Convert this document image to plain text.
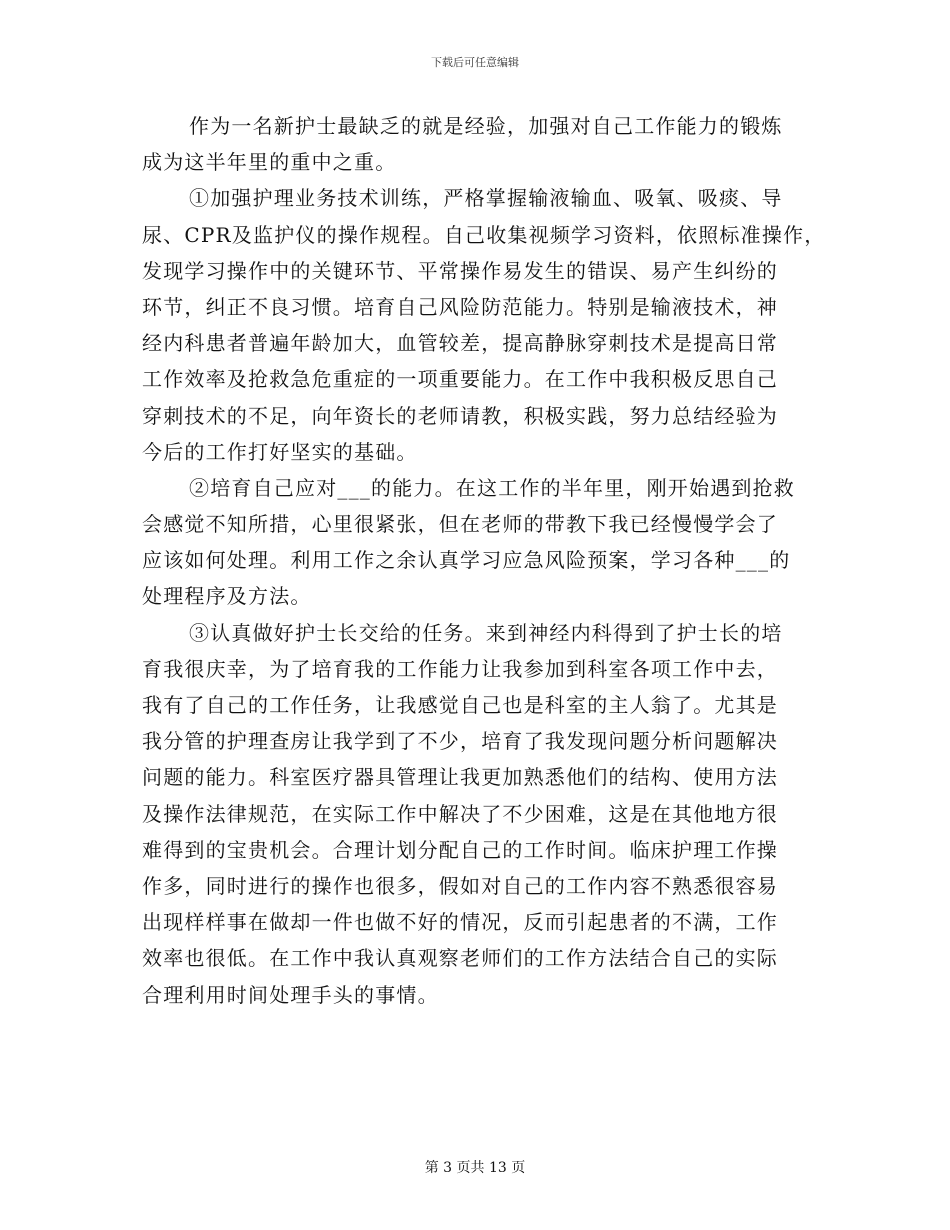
下载后可任意编辑
作为一名新护士最缺乏的就是经验，加强对自己工作能力的锻炼
成为这半年里的重中之重。
①加强护理业务技术训练，严格掌握输液输血、吸氧、吸痰、导
尿、CPR及监护仪的操作规程。自己收集视频学习资料，依照标准操作，
发现学习操作中的关键环节、平常操作易发生的错误、易产生纠纷的
环节，纠正不良习惯。培育自己风险防范能力。特别是输液技术，神
经内科患者普遍年龄加大，血管较差，提高静脉穿刺技术是提高日常
工作效率及抢救急危重症的一项重要能力。在工作中我积极反思自己
穿刺技术的不足，向年资长的老师请教，积极实践，努力总结经验为
今后的工作打好坚实的基础。
②培育自己应对___的能力。在这工作的半年里，刚开始遇到抢救
会感觉不知所措，心里很紧张，但在老师的带教下我已经慢慢学会了
应该如何处理。利用工作之余认真学习应急风险预案，学习各种___的
处理程序及方法。
③认真做好护士长交给的任务。来到神经内科得到了护士长的培
育我很庆幸，为了培育我的工作能力让我参加到科室各项工作中去，
我有了自己的工作任务，让我感觉自己也是科室的主人翁了。尤其是
我分管的护理查房让我学到了不少，培育了我发现问题分析问题解决
问题的能力。科室医疗器具管理让我更加熟悉他们的结构、使用方法
及操作法律规范，在实际工作中解决了不少困难，这是在其他地方很
难得到的宝贵机会。合理计划分配自己的工作时间。临床护理工作操
作多，同时进行的操作也很多，假如对自己的工作内容不熟悉很容易
出现样样事在做却一件也做不好的情况，反而引起患者的不满，工作
效率也很低。在工作中我认真观察老师们的工作方法结合自己的实际
合理利用时间处理手头的事情。
第 3 页共 13 页
